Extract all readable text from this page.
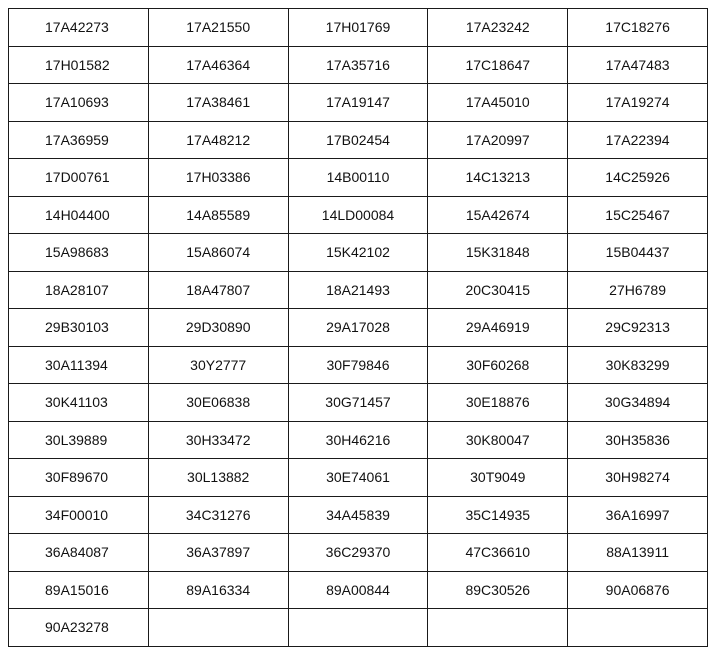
17A42273	17A21550	17H01769	17A23242	17C18276
17H01582	17A46364	17A35716	17C18647	17A47483
17A10693	17A38461	17A19147	17A45010	17A19274
17A36959	17A48212	17B02454	17A20997	17A22394
17D00761	17H03386	14B00110	14C13213	14C25926
14H04400	14A85589	14LD00084	15A42674	15C25467
15A98683	15A86074	15K42102	15K31848	15B04437
18A28107	18A47807	18A21493	20C30415	27H6789
29B30103	29D30890	29A17028	29A46919	29C92313
30A11394	30Y2777	30F79846	30F60268	30K83299
30K41103	30E06838	30G71457	30E18876	30G34894
30L39889	30H33472	30H46216	30K80047	30H35836
30F89670	30L13882	30E74061	30T9049	30H98274
34F00010	34C31276	34A45839	35C14935	36A16997
36A84087	36A37897	36C29370	47C36610	88A13911
89A15016	89A16334	89A00844	89C30526	90A06876
90A23278				
